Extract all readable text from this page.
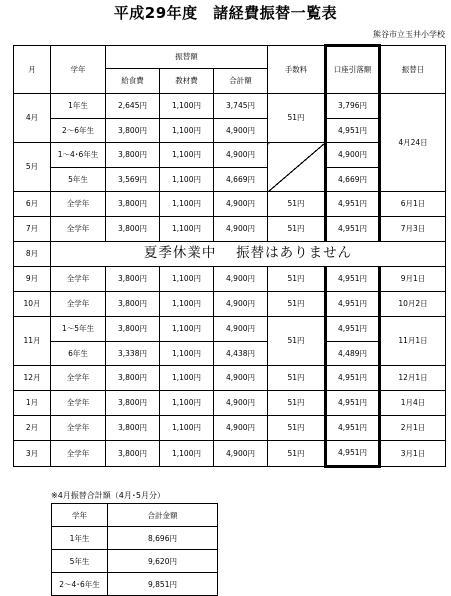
平成29年度　諸経費振替一覧表
熊谷市立玉井小学校
月	学年	振替額			手数料	口座引落額	振替日
		給食費	教材費	合計額			
4月	1年生	2,645円	1,100円	3,745円	51円	3,796円	4月24日
	2～6年生	3,800円	1,100円	4,900円		4,951円	
5月	1～4･6年生	3,800円	1,100円	4,900円		4,900円	
	5年生	3,569円	1,100円	4,669円		4,669円	
6月	全学年	3,800円	1,100円	4,900円	51円	4,951円	6月1日
7月	全学年	3,800円	1,100円	4,900円	51円	4,951円	7月3日
8月	夏季休業中　 振替はありません						
9月	全学年	3,800円	1,100円	4,900円	51円	4,951円	9月1日
10月	全学年	3,800円	1,100円	4,900円	51円	4,951円	10月2日
11月	1～5年生	3,800円	1,100円	4,900円	51円	4,951円	11月1日
	6年生	3,338円	1,100円	4,438円		4,489円	
12月	全学年	3,800円	1,100円	4,900円	51円	4,951円	12月1日
1月	全学年	3,800円	1,100円	4,900円	51円	4,951円	1月4日
2月	全学年	3,800円	1,100円	4,900円	51円	4,951円	2月1日
3月	全学年	3,800円	1,100円	4,900円	51円	4,951円	3月1日
※4月振替合計額（4月･5月分）
学年	合計金額
1年生	8,696円
5年生	9,620円
2～4･6年生	9,851円
